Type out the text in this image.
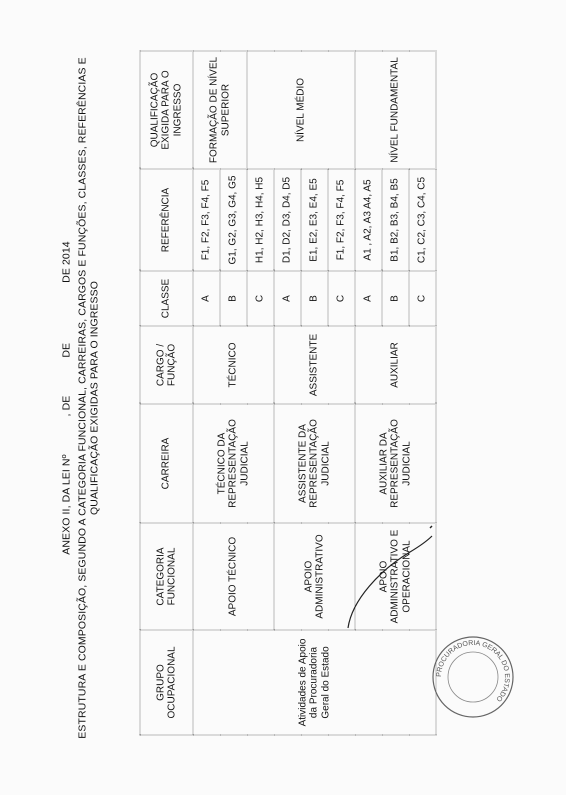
ANEXO II, DA LEI Nº, DEDEDE 2014 ESTRUTURA E COMPOSIÇÃO, SEGUNDO A CATEGORIA FUNCIONAL, CARREIRAS, CARGOS E FUNÇÕES, CLASSES, REFERÊNCIAS E QUALIFICAÇÃO EXIGIDAS PARA O INGRESSO
GRUPO OCUPACIONAL	CATEGORIA FUNCIONAL	CARREIRA	CARGO / FUNÇÃO	CLASSE	REFERÊNCIA	QUALIFICAÇÃO EXIGIDA PARA O INGRESSO
Atividades de Apoio da Procuradoria Geral do Estado	APOIO TÉCNICO	TÉCNICO DA REPRESENTAÇÃO JUDICIAL	TÉCNICO	A	F1, F2, F3, F4, F5	FORMAÇÃO DE NÍVEL SUPERIOR
				B	G1, G2, G3, G4, G5	
				C	H1, H2, H3, H4, H5	NÍVEL MÉDIO
	APOIO ADMINISTRATIVO	ASSISTENTE DA REPRESENTAÇÃO JUDICIAL	ASSISTENTE	A	D1, D2, D3, D4, D5	
				B	E1, E2, E3, E4, E5	
				C	F1, F2, F3, F4, F5	
	APOIO ADMINISTRATIVO E OPERACIONAL	AUXILIAR DA REPRESENTAÇÃO JUDICIAL	AUXILIAR	A	A1 , A2, A3 A4, A5	NÍVEL FUNDAMENTAL
				B	B1, B2, B3, B4, B5	
				C	C1, C2, C3, C4, C5	
PROCURADORIA GERAL DO ESTADO
